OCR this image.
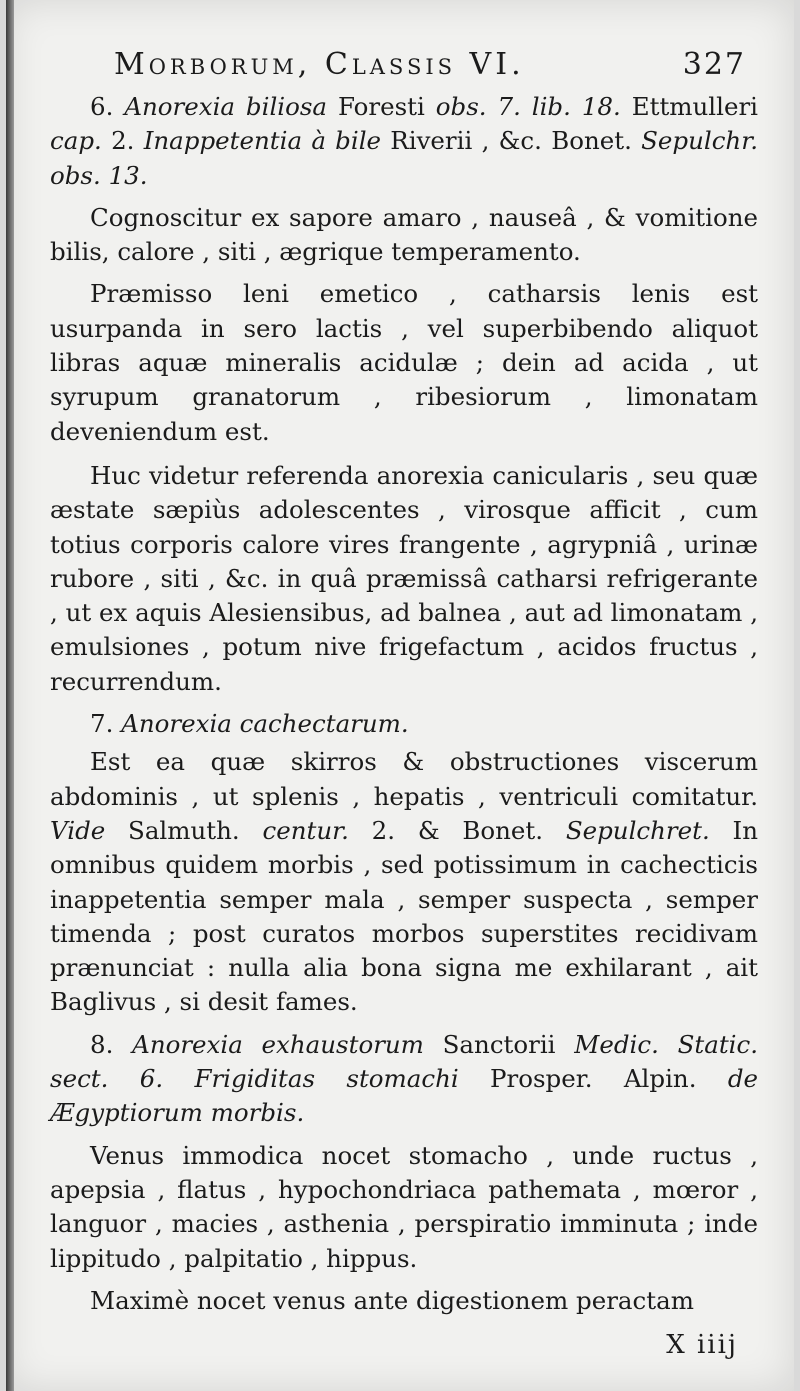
Morborum, Classis VI.	327

6. Anorexia biliosa Foresti obs. 7. lib. 18. Ettmulleri cap. 2. Inappetentia à bile Riverii , &c. Bonet. Sepulchr. obs. 13.

Cognoscitur ex sapore amaro , nauseâ , & vomitione bilis, calore , siti , ægrique temperamento.

Præmisso leni emetico , catharsis lenis est usurpanda in sero lactis , vel superbibendo aliquot libras aquæ mineralis acidulæ ; dein ad acida , ut syrupum granatorum , ribesiorum , limonatam deveniendum est.

Huc videtur referenda anorexia canicularis , seu quæ æstate sæpiùs adolescentes , virosque afficit , cum totius corporis calore vires frangente , agrypniâ , urinæ rubore , siti , &c. in quâ præmissâ catharsi refrigerante , ut ex aquis Alesiensibus, ad balnea , aut ad limonatam , emulsiones , potum nive frigefactum , acidos fructus , recurrendum.

7. Anorexia cachectarum.

Est ea quæ skirros & obstructiones viscerum abdominis , ut splenis , hepatis , ventriculi comitatur. Vide Salmuth. centur. 2. & Bonet. Sepulchret. In omnibus quidem morbis , sed potissimum in cachecticis inappetentia semper mala , semper suspecta , semper timenda ; post curatos morbos superstites recidivam prænunciat : nulla alia bona signa me exhilarant , ait Baglivus , si desit fames.

8. Anorexia exhaustorum Sanctorii Medic. Static. sect. 6. Frigiditas stomachi Prosper. Alpin. de Ægyptiorum morbis.

Venus immodica nocet stomacho , unde ructus , apepsia , flatus , hypochondriaca pathemata , mœror , languor , macies , asthenia , perspiratio imminuta ; inde lippitudo , palpitatio , hippus.

Maximè nocet venus ante digestionem peractam

X iiij
